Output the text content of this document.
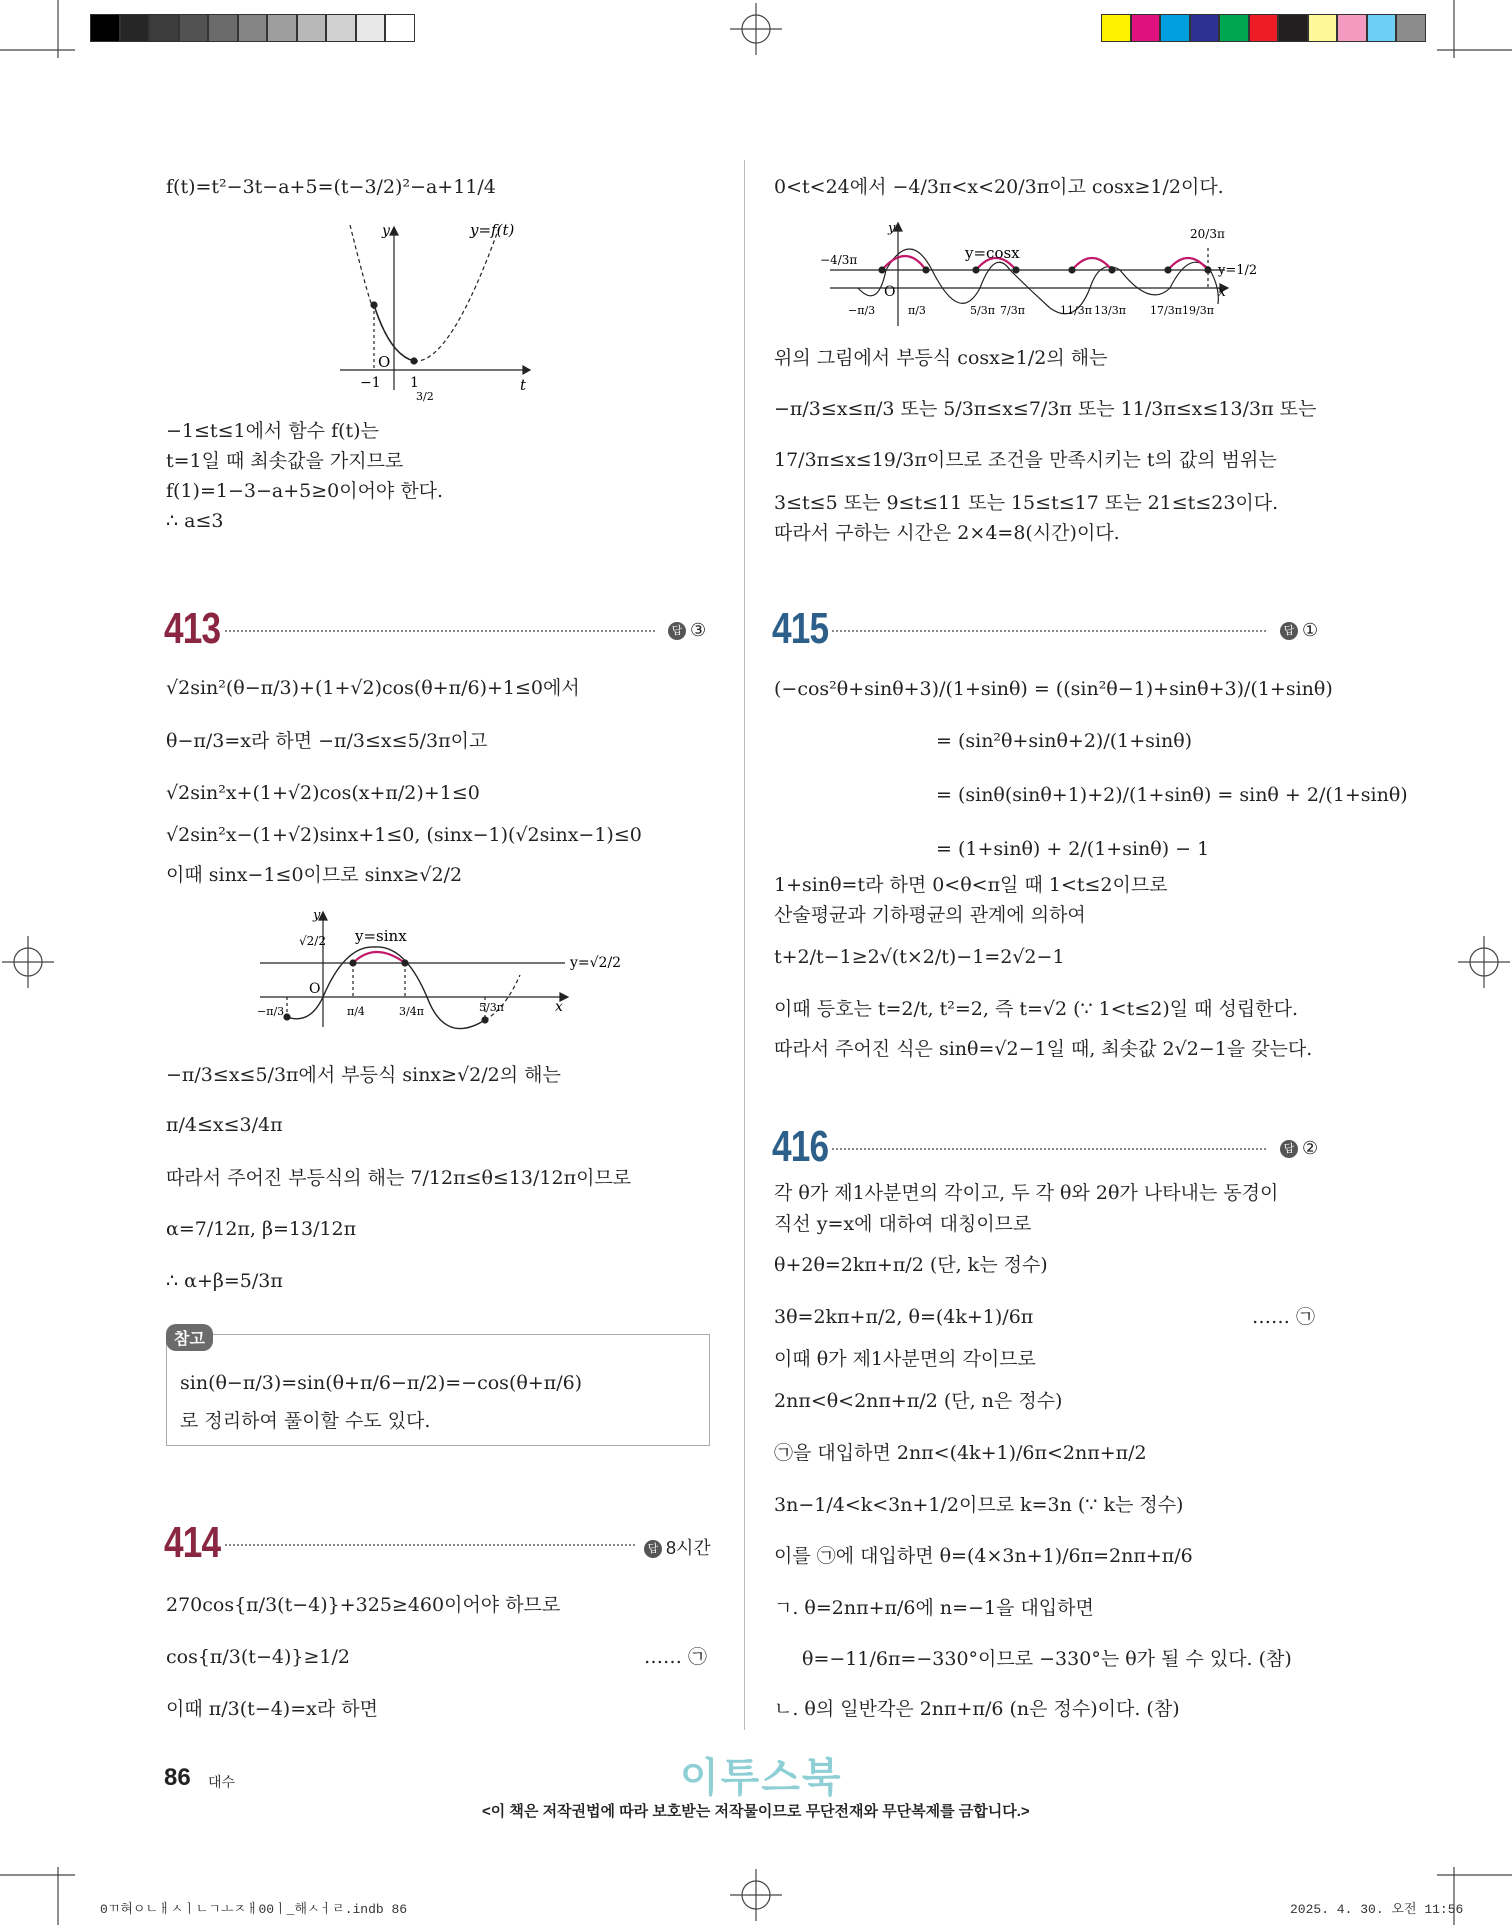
f(t)=t²−3t−a+5=(t−3/2)²−a+11/4
y	y=f(t)
O
−1 1
3/2
t
−1≤t≤1에서 함수 f(t)는
t=1일 때 최솟값을 가지므로
f(1)=1−3−a+5≥0이어야 한다.
∴ a≤3
0<t<24에서 −4/3π<x<20/3π이고 cosx≥1/2이다.
y
y=cosx
y=1/2
O	x
−4/3π
20/3π
−π/3	π/3	5/3π 7/3π	11/3π 13/3π 17/3π 19/3π
위의 그림에서 부등식 cosx≥1/2의 해는
−π/3≤x≤π/3 또는 5/3π≤x≤7/3π 또는 11/3π≤x≤13/3π 또는
17/3π≤x≤19/3π이므로 조건을 만족시키는 t의 값의 범위는
3≤t≤5 또는 9≤t≤11 또는 15≤t≤17 또는 21≤t≤23이다.
따라서 구하는 시간은 2×4=8(시간)이다.
413	답 ③
√2sin²(θ−π/3)+(1+√2)cos(θ+π/6)+1≤0에서
θ−π/3=x라 하면 −π/3≤x≤5/3π이고
√2sin²x+(1+√2)cos(x+π/2)+1≤0
√2sin²x−(1+√2)sinx+1≤0, (sinx−1)(√2sinx−1)≤0
이때 sinx−1≤0이므로 sinx≥√2/2
y
y=sinx
√2/2
y=√2/2
O
x
−π/3	π/4	3/4π	5/3π
−π/3≤x≤5/3π에서 부등식 sinx≥√2/2의 해는
π/4≤x≤3/4π
따라서 주어진 부등식의 해는 7/12π≤θ≤13/12π이므로
α=7/12π, β=13/12π
∴ α+β=5/3π
참고
sin(θ−π/3)=sin(θ+π/6−π/2)=−cos(θ+π/6)
로 정리하여 풀이할 수도 있다.
414	답 8시간
270cos{π/3(t−4)}+325≥460이어야 하므로
cos{π/3(t−4)}≥1/2	…… ㉠
이때 π/3(t−4)=x라 하면
415	답 ①
(−cos²θ+sinθ+3)/(1+sinθ) = ((sin²θ−1)+sinθ+3)/(1+sinθ)
= (sin²θ+sinθ+2)/(1+sinθ)
= (sinθ(sinθ+1)+2)/(1+sinθ) = sinθ + 2/(1+sinθ)
= (1+sinθ) + 2/(1+sinθ) − 1
1+sinθ=t라 하면 0<θ<π일 때 1<t≤2이므로
산술평균과 기하평균의 관계에 의하여
t+2/t−1≥2√(t×2/t)−1=2√2−1
이때 등호는 t=2/t, t²=2, 즉 t=√2 (∵ 1<t≤2)일 때 성립한다.
따라서 주어진 식은 sinθ=√2−1일 때, 최솟값 2√2−1을 갖는다.
416	답 ②
각 θ가 제1사분면의 각이고, 두 각 θ와 2θ가 나타내는 동경이
직선 y=x에 대하여 대칭이므로
θ+2θ=2kπ+π/2 (단, k는 정수)
3θ=2kπ+π/2, θ=(4k+1)/6π	…… ㉠
이때 θ가 제1사분면의 각이므로
2nπ<θ<2nπ+π/2 (단, n은 정수)
㉠을 대입하면 2nπ<(4k+1)/6π<2nπ+π/2
3n−1/4<k<3n+1/2이므로 k=3n (∵ k는 정수)
이를 ㉠에 대입하면 θ=(4×3n+1)/6π=2nπ+π/6
ㄱ. θ=2nπ+π/6에 n=−1을 대입하면
θ=−11/6π=−330°이므로 −330°는 θ가 될 수 있다. (참)
ㄴ. θ의 일반각은 2nπ+π/6 (n은 정수)이다. (참)
86 대수	이투스북
<이 책은 저작권법에 따라 보호받는 저작물이므로 무단전재와 무단복제를 금합니다.>
0ㄲ혀ㅇㄴㅐㅅㅣㄴㄱㅗㅈㅐ00ㅣ_해ㅅㅓㄹ.indb 86	2025. 4. 30. 오전 11:56
